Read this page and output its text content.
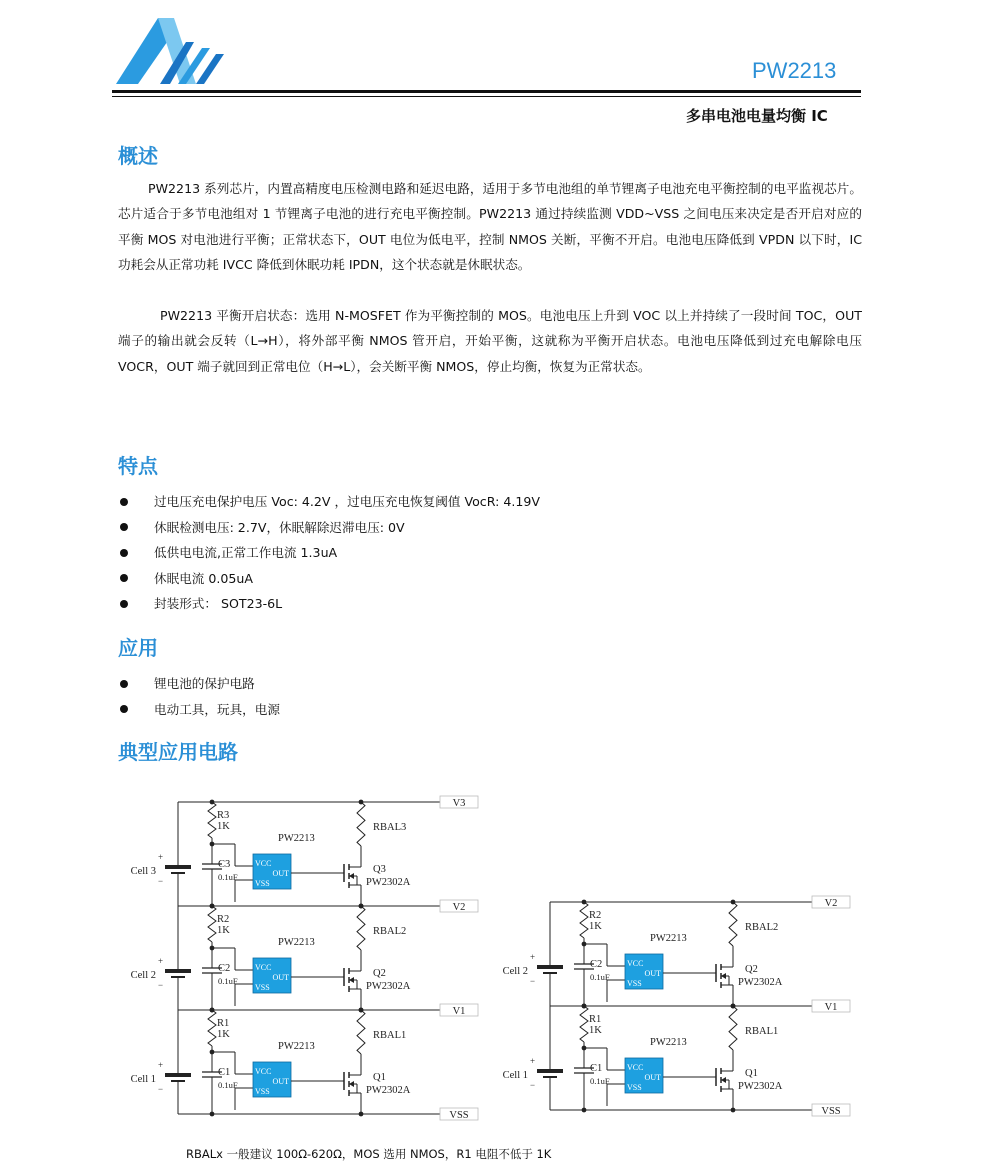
PW2213
多串电池电量均衡 IC
概述

PW2213 系列芯片，内置高精度电压检测电路和延迟电路，适用于多节电池组的单节锂离子电池充电平衡控制的电平监视芯片。芯片适合于多节电池组对 1 节锂离子电池的进行充电平衡控制。PW2213 通过持续监测 VDD~VSS 之间电压来决定是否开启对应的平衡 MOS 对电池进行平衡；正常状态下，OUT 电位为低电平，控制 NMOS 关断，平衡不开启。电池电压降低到 VPDN 以下时，IC 功耗会从正常功耗 IVCC 降低到休眠功耗 IPDN，这个状态就是休眠状态。

PW2213 平衡开启状态：选用 N-MOSFET 作为平衡控制的 MOS。电池电压上升到 VOC 以上并持续了一段时间 TOC，OUT 端子的输出就会反转（L→H），将外部平衡 NMOS 管开启，开始平衡，这就称为平衡开启状态。电池电压降低到过充电解除电压 VOCR，OUT 端子就回到正常电位（H→L），会关断平衡 NMOS，停止均衡，恢复为正常状态。

特点
过电压充电保护电压 Voc: 4.2V ，过电压充电恢复阈值 VocR: 4.19V
休眠检测电压: 2.7V，休眠解除迟滞电压: 0V
低供电电流,正常工作电流 1.3uA
休眠电流 0.05uA
封装形式： SOT23-6L
应用
锂电池的保护电路
电动工具，玩具，电源
典型应用电路
V3
+
−
Cell 3
R3
1K
C3
0.1uF
PW2213
VCC
OUT
VSS
Q3
PW2302A
RBAL3
V2
+
−
Cell 2
R2
1K
C2
0.1uF
PW2213
VCC
OUT
VSS
Q2
PW2302A
RBAL2
V1
+
−
Cell 1
R1
1K
C1
0.1uF
PW2213
VCC
OUT
VSS
Q1
PW2302A
RBAL1
VSS
V2
+
−
Cell 2
R2
1K
C2
0.1uF
PW2213
VCC
OUT
VSS
Q2
PW2302A
RBAL2
V1
+
−
Cell 1
R1
1K
C1
0.1uF
PW2213
VCC
OUT
VSS
Q1
PW2302A
RBAL1
VSS
RBALx 一般建议 100Ω-620Ω，MOS 选用 NMOS，R1 电阻不低于 1K
